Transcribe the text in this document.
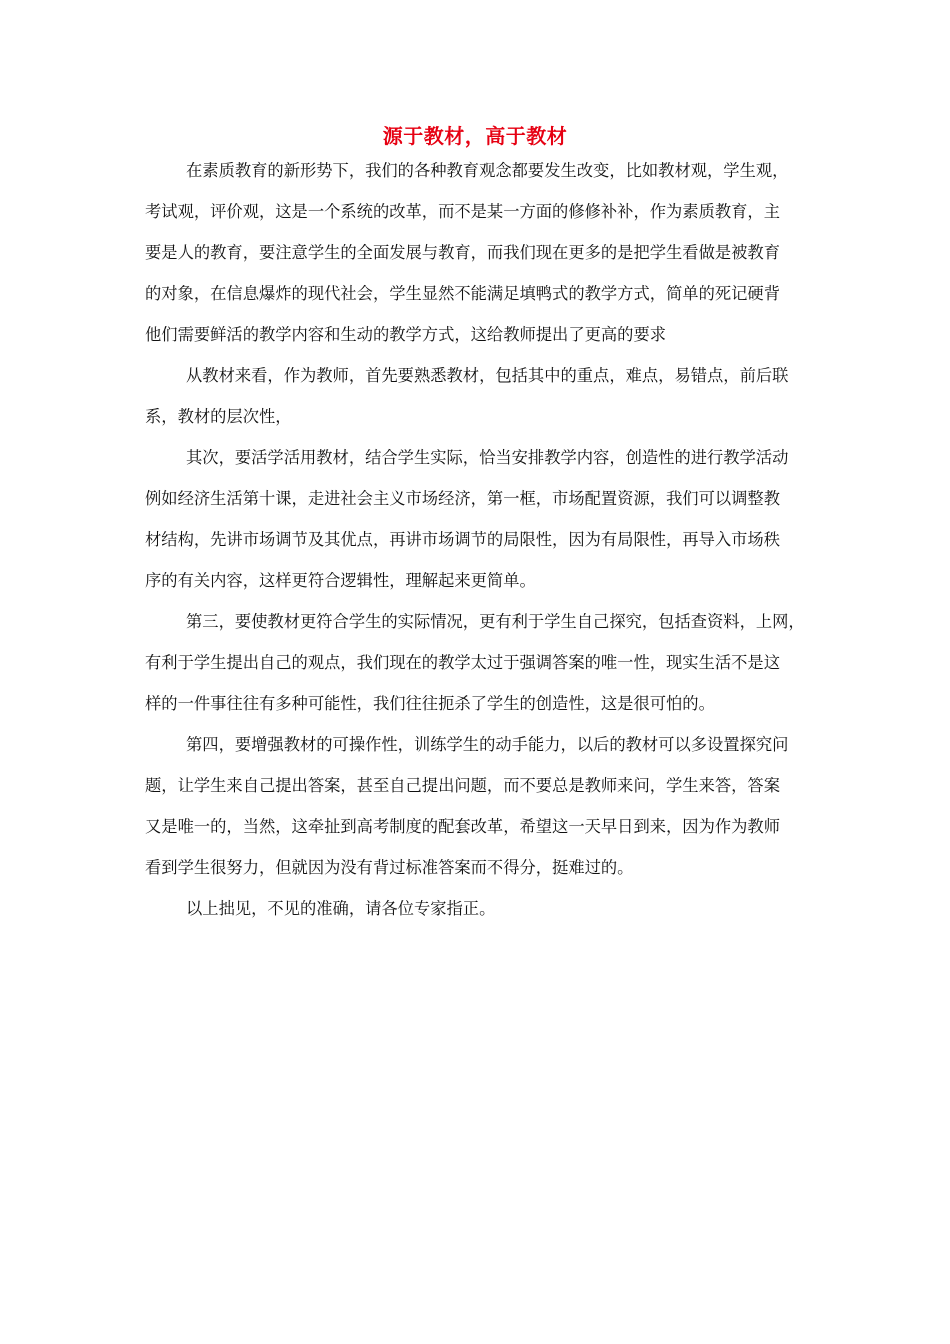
源于教材，高于教材
在素质教育的新形势下，我们的各种教育观念都要发生改变，比如教材观，学生观，
考试观，评价观，这是一个系统的改革，而不是某一方面的修修补补，作为素质教育，主
要是人的教育，要注意学生的全面发展与教育，而我们现在更多的是把学生看做是被教育
的对象，在信息爆炸的现代社会，学生显然不能满足填鸭式的教学方式，简单的死记硬背
他们需要鲜活的教学内容和生动的教学方式，这给教师提出了更高的要求
从教材来看，作为教师，首先要熟悉教材，包括其中的重点，难点，易错点，前后联
系，教材的层次性，
其次，要活学活用教材，结合学生实际，恰当安排教学内容，创造性的进行教学活动
例如经济生活第十课，走进社会主义市场经济，第一框，市场配置资源，我们可以调整教
材结构，先讲市场调节及其优点，再讲市场调节的局限性，因为有局限性，再导入市场秩
序的有关内容，这样更符合逻辑性，理解起来更简单。
第三，要使教材更符合学生的实际情况，更有利于学生自己探究，包括查资料，上网，
有利于学生提出自己的观点，我们现在的教学太过于强调答案的唯一性，现实生活不是这
样的一件事往往有多种可能性，我们往往扼杀了学生的创造性，这是很可怕的。
第四，要增强教材的可操作性，训练学生的动手能力，以后的教材可以多设置探究问
题，让学生来自己提出答案，甚至自己提出问题，而不要总是教师来问，学生来答，答案
又是唯一的，当然，这牵扯到高考制度的配套改革，希望这一天早日到来，因为作为教师
看到学生很努力，但就因为没有背过标准答案而不得分，挺难过的。
以上拙见，不见的准确，请各位专家指正。
